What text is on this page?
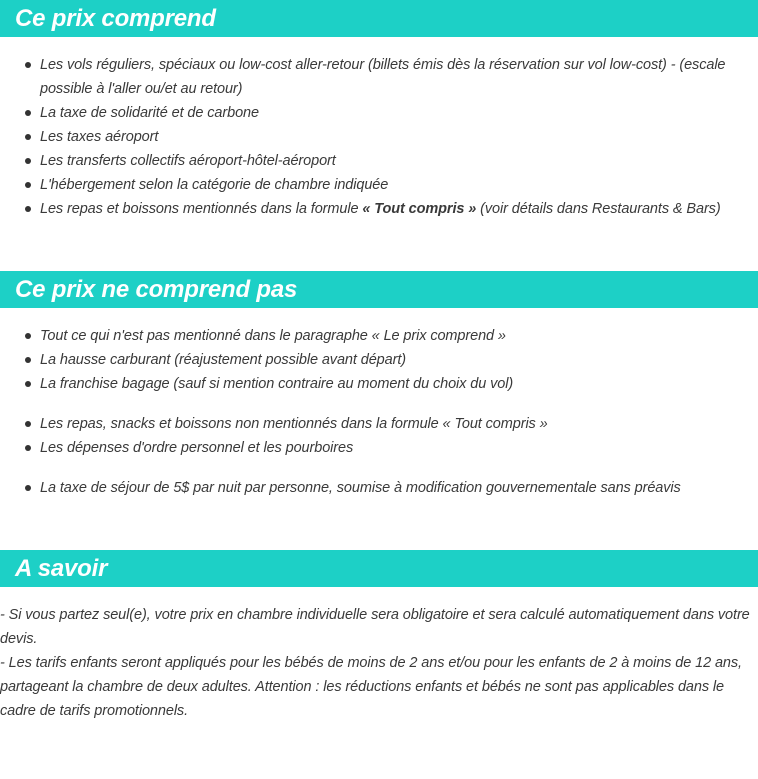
Ce prix comprend
Les vols réguliers, spéciaux ou low-cost aller-retour (billets émis dès la réservation sur vol low-cost) - (escale possible à l'aller ou/et au retour)
La taxe de solidarité et de carbone
Les taxes aéroport
Les transferts collectifs aéroport-hôtel-aéroport
L'hébergement selon la catégorie de chambre indiquée
Les repas et boissons mentionnés dans la formule « Tout compris » (voir détails dans Restaurants & Bars)
Ce prix ne comprend pas
Tout ce qui n'est pas mentionné dans le paragraphe « Le prix comprend »
La hausse carburant (réajustement possible avant départ)
La franchise bagage (sauf si mention contraire au moment du choix du vol)
Les repas, snacks et boissons non mentionnés dans la formule « Tout compris »
Les dépenses d'ordre personnel et les pourboires
La taxe de séjour de 5$ par nuit par personne, soumise à modification gouvernementale sans préavis
A savoir

- Si vous partez seul(e), votre prix en chambre individuelle sera obligatoire et sera calculé automatiquement dans votre devis.

- Les tarifs enfants seront appliqués pour les bébés de moins de 2 ans et/ou pour les enfants de 2 à moins de 12 ans, partageant la chambre de deux adultes. Attention : les réductions enfants et bébés ne sont pas applicables dans le cadre de tarifs promotionnels.
